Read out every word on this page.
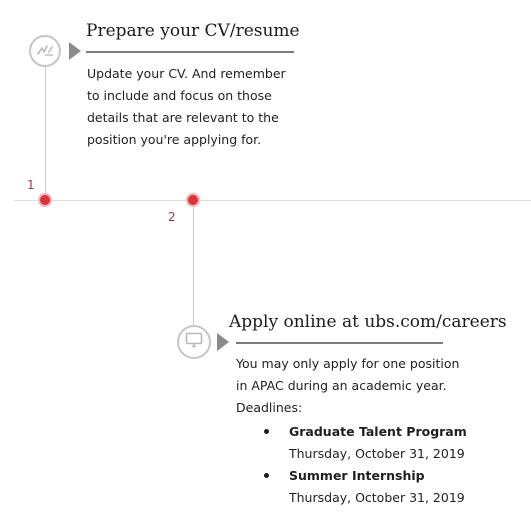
Prepare your CV/resume
Update your CV. And remember
to include and focus on those
details that are relevant to the
position you're applying for.
1
2
Apply online at ubs.com/careers
You may only apply for one position
in APAC during an academic year.
Deadlines:
Graduate Talent Program
Thursday, October 31, 2019
Summer Internship
Thursday, October 31, 2019
